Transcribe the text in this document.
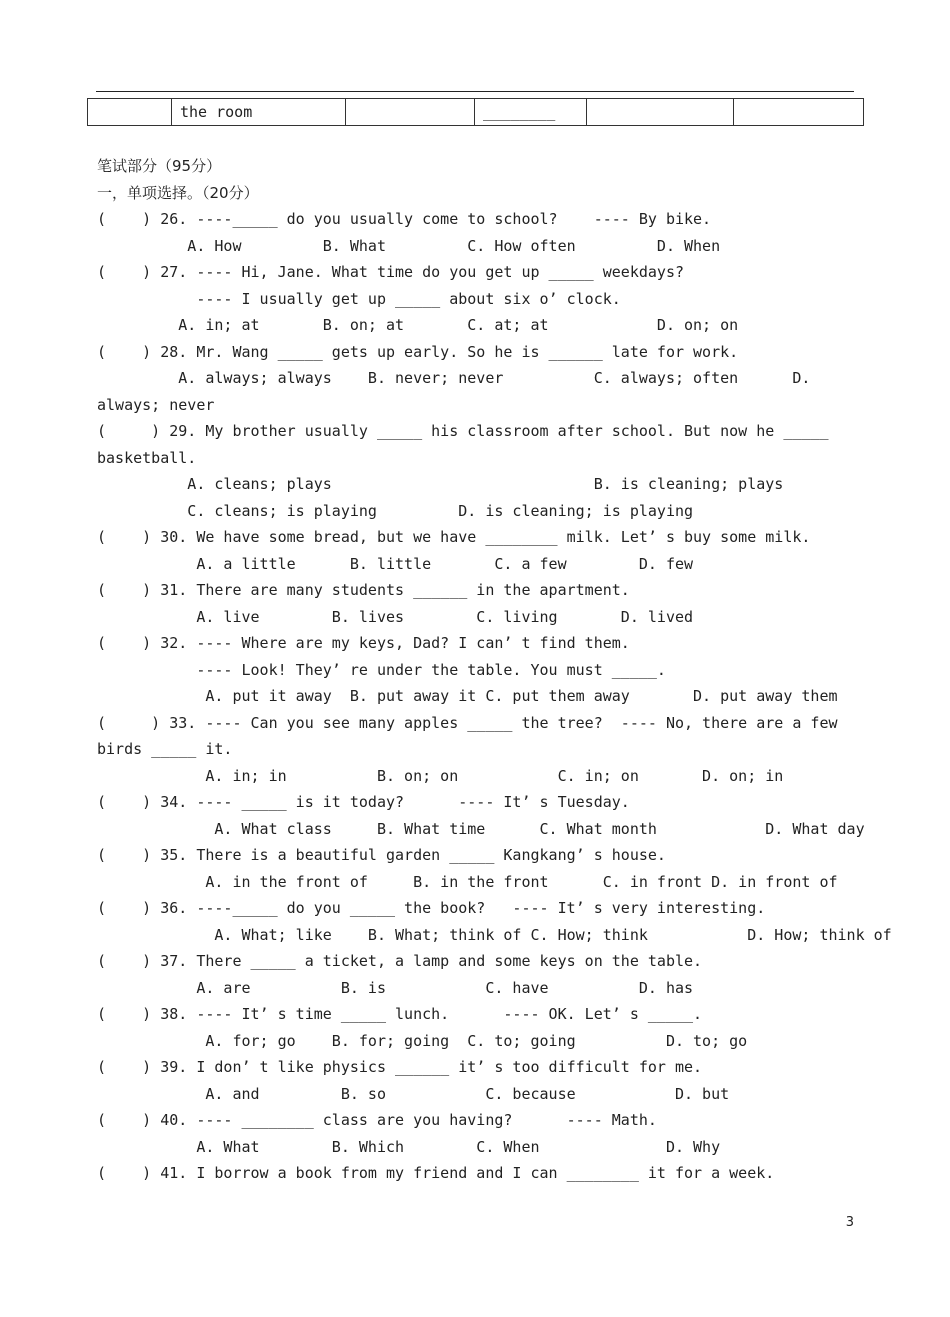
	the room		________		
笔试部分（95分）
一，单项选择。（20分）
(    ) 26. ----_____ do you usually come to school?    ---- By bike.
A. How         B. What         C. How often         D. When
(    ) 27. ---- Hi, Jane. What time do you get up _____ weekdays?
---- I usually get up _____ about six o’ clock.
A. in; at       B. on; at       C. at; at            D. on; on
(    ) 28. Mr. Wang _____ gets up early. So he is ______ late for work.
A. always; always    B. never; never          C. always; often      D.
always; never
(     ) 29. My brother usually _____ his classroom after school. But now he _____
basketball.
A. cleans; plays                             B. is cleaning; plays
C. cleans; is playing         D. is cleaning; is playing
(    ) 30. We have some bread, but we have ________ milk. Let’ s buy some milk.
A. a little      B. little       C. a few        D. few
(    ) 31. There are many students ______ in the apartment.
A. live        B. lives        C. living       D. lived
(    ) 32. ---- Where are my keys, Dad? I can’ t find them.
---- Look! They’ re under the table. You must _____.
A. put it away  B. put away it C. put them away       D. put away them
(     ) 33. ---- Can you see many apples _____ the tree?  ---- No, there are a few
birds _____ it.
A. in; in          B. on; on           C. in; on       D. on; in
(    ) 34. ---- _____ is it today?      ---- It’ s Tuesday.
A. What class     B. What time      C. What month            D. What day
(    ) 35. There is a beautiful garden _____ Kangkang’ s house.
A. in the front of     B. in the front      C. in front D. in front of
(    ) 36. ----_____ do you _____ the book?   ---- It’ s very interesting.
A. What; like    B. What; think of C. How; think           D. How; think of
(    ) 37. There _____ a ticket, a lamp and some keys on the table.
A. are          B. is           C. have          D. has
(    ) 38. ---- It’ s time _____ lunch.      ---- OK. Let’ s _____.
A. for; go    B. for; going  C. to; going          D. to; go
(    ) 39. I don’ t like physics ______ it’ s too difficult for me.
A. and         B. so           C. because           D. but
(    ) 40. ---- ________ class are you having?      ---- Math.
A. What        B. Which        C. When              D. Why
(    ) 41. I borrow a book from my friend and I can ________ it for a week.
3
